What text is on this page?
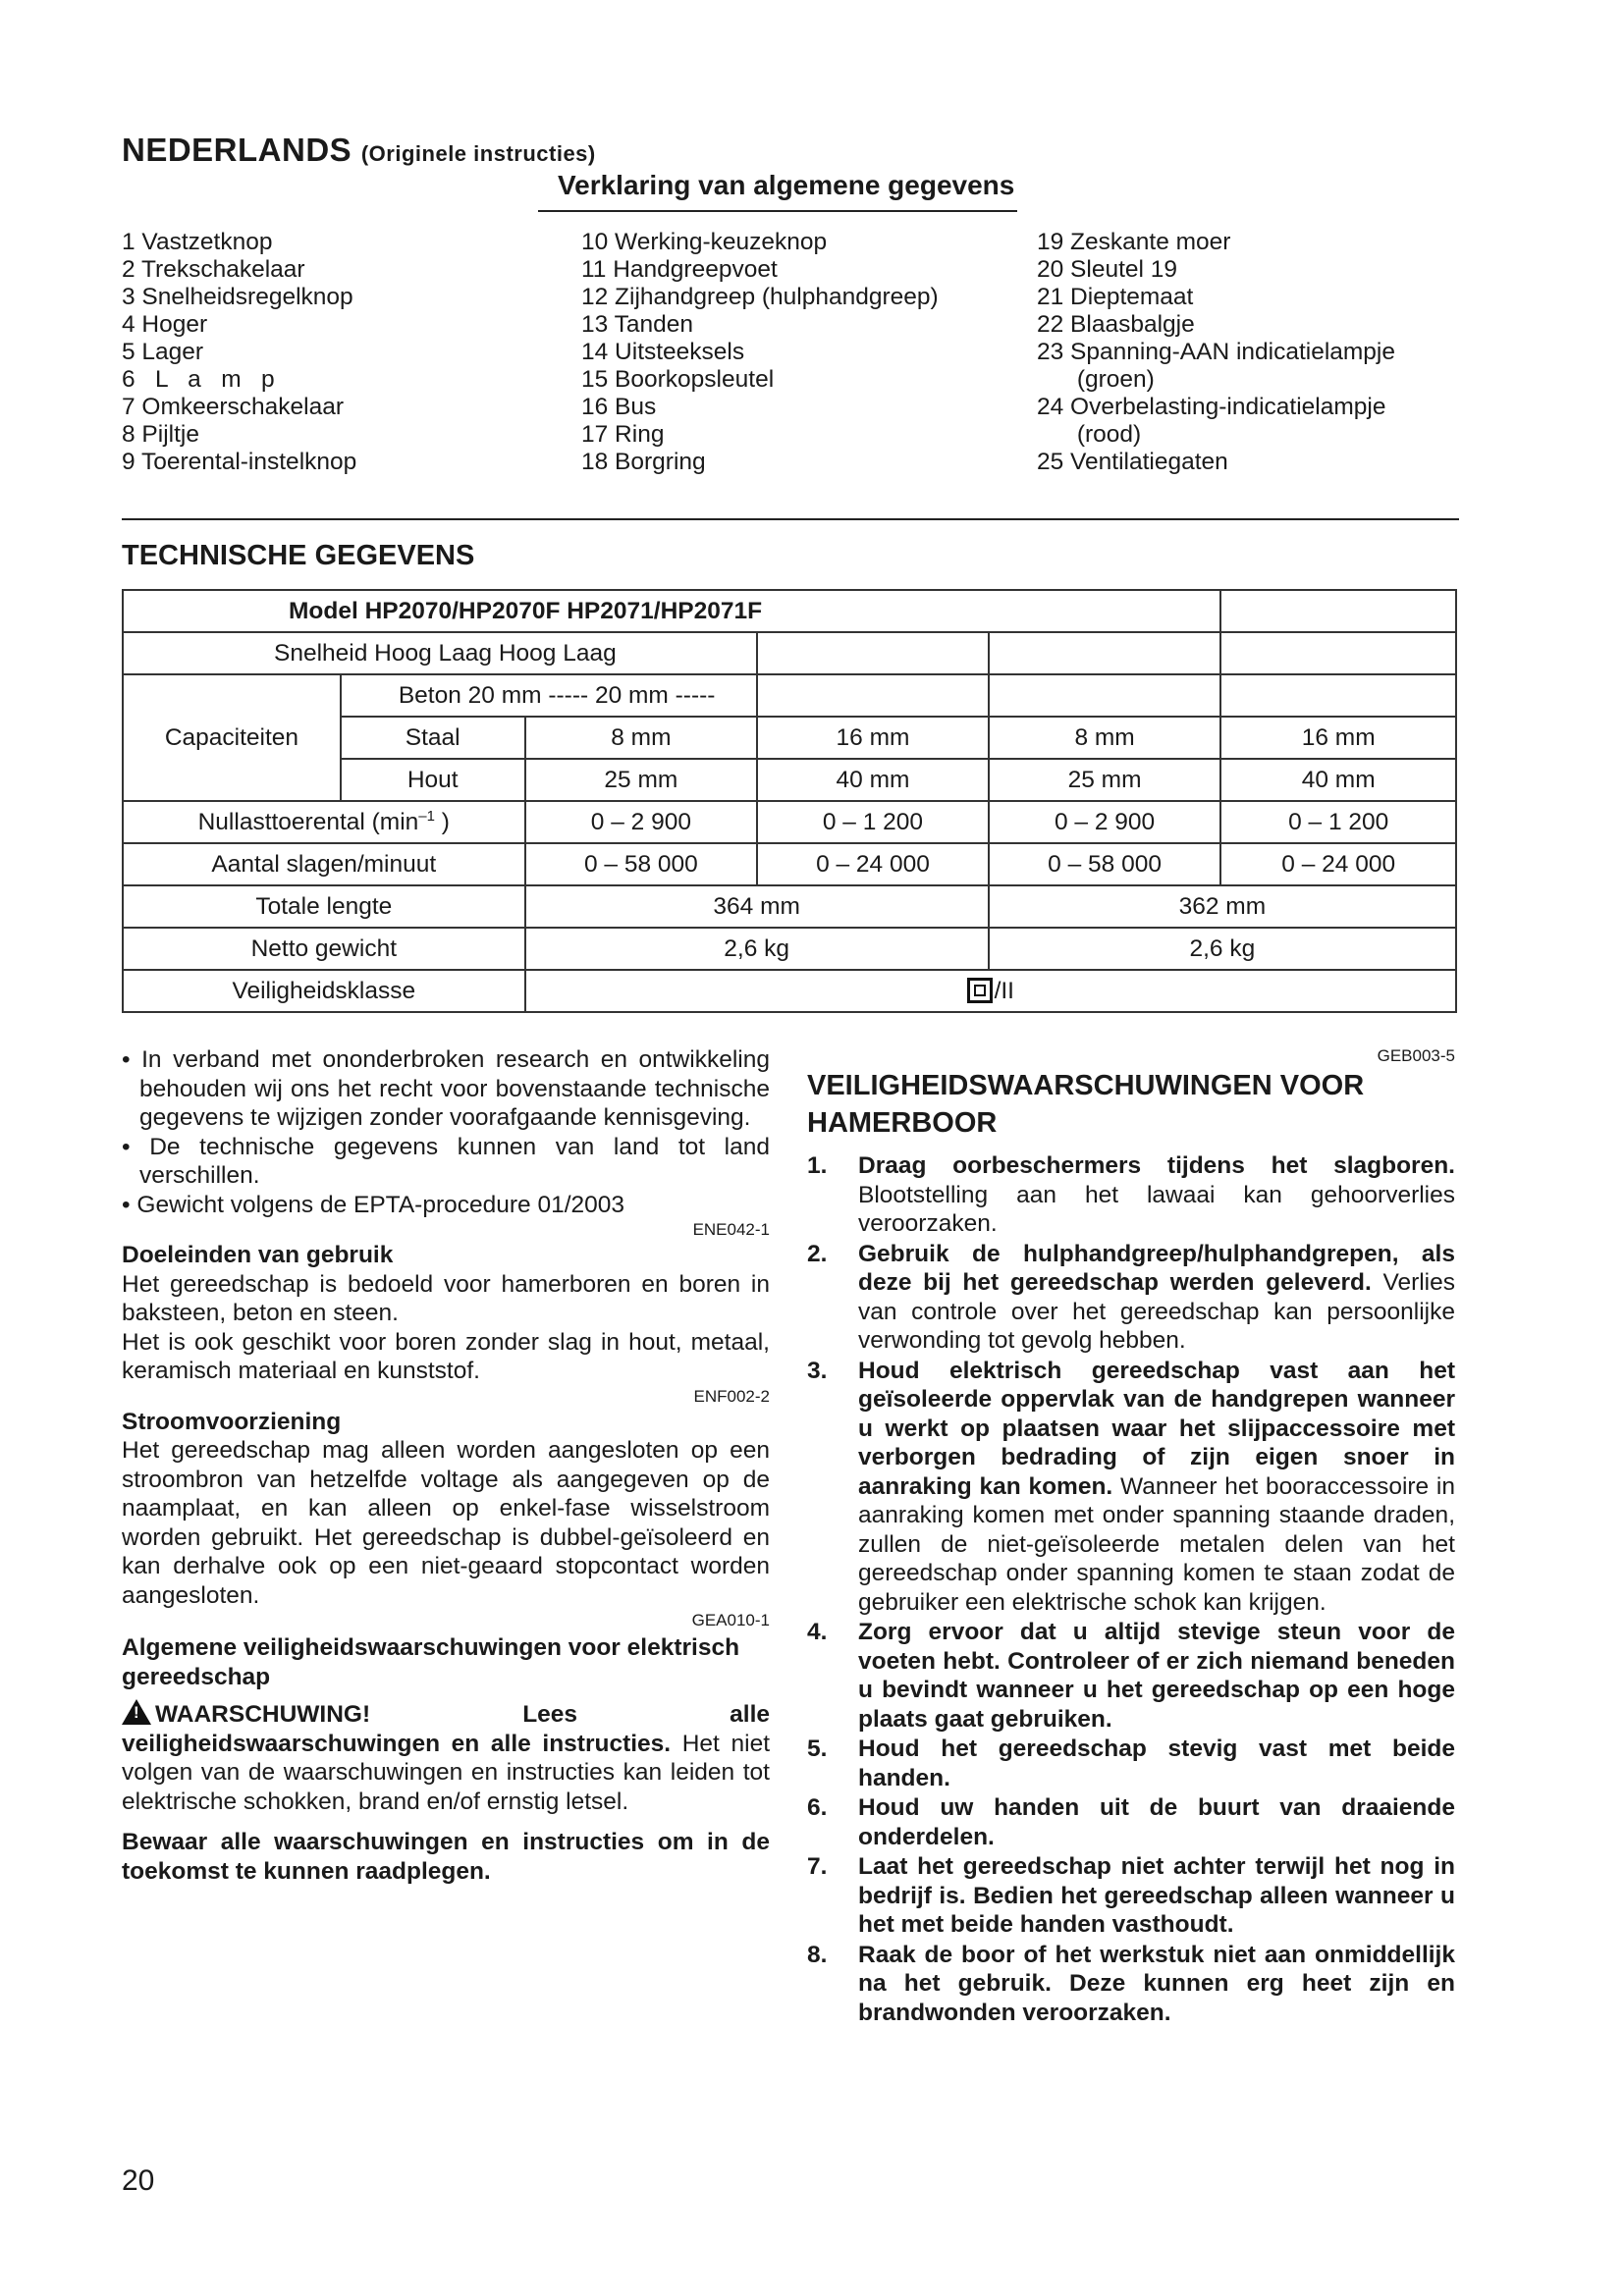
NEDERLANDS (Originele instructies)
Verklaring van algemene gegevens
1 Vastzetknop
2 Trekschakelaar
3 Snelheidsregelknop
4 Hoger
5 Lager
6   L   a   m   p
7 Omkeerschakelaar
8 Pijltje
9 Toerental-instelknop
10 Werking-keuzeknop
11 Handgreepvoet
12 Zijhandgreep (hulphandgreep)
13 Tanden
14 Uitsteeksels
15 Boorkopsleutel
16 Bus
17 Ring
18 Borgring
19 Zeskante moer
20 Sleutel 19
21 Dieptemaat
22 Blaasbalgje
23 Spanning-AAN indicatielampje
(groen)
24 Overbelasting-indicatielampje
(rood)
25 Ventilatiegaten
TECHNISCHE GEGEVENS
Model HP2070/HP2070F HP2071/HP2071F					
Snelheid Hoog Laag Hoog Laag					
Capaciteiten	Beton 20 mm ----- 20 mm -----				
	Staal	8 mm	16 mm	8 mm	16 mm
	Hout	25 mm	40 mm	25 mm	40 mm
Nullasttoerental ($\min^{-1}$ )		0 – 2 900	0 – 1 200	0 – 2 900	0 – 1 200
Aantal slagen/minuut		0 – 58 000	0 – 24 000	0 – 58 000	0 – 24 000
Totale lengte		364 mm		362 mm	
Netto gewicht		2,6 kg		2,6 kg	
Veiligheidsklasse		/II			
• In verband met ononderbroken research en ontwikkeling behouden wij ons het recht voor bovenstaande technische gegevens te wijzigen zonder voorafgaande kennisgeving.
• De technische gegevens kunnen van land tot land verschillen.
• Gewicht volgens de EPTA-procedure 01/2003
ENE042-1
Doeleinden van gebruik
Het gereedschap is bedoeld voor hamerboren en boren in baksteen, beton en steen.
Het is ook geschikt voor boren zonder slag in hout, metaal, keramisch materiaal en kunststof.
ENF002-2
Stroomvoorziening
Het gereedschap mag alleen worden aangesloten op een stroombron van hetzelfde voltage als aangegeven op de naamplaat, en kan alleen op enkel-fase wisselstroom worden gebruikt. Het gereedschap is dubbel-geïsoleerd en kan derhalve ook op een niet-geaard stopcontact worden aangesloten.
GEA010-1
Algemene veiligheidswaarschuwingen voor elektrisch gereedschap
!WAARSCHUWING! Lees alle veiligheidswaarschuwingen en alle instructies. Het niet volgen van de waarschuwingen en instructies kan leiden tot elektrische schokken, brand en/of ernstig letsel.
Bewaar alle waarschuwingen en instructies om in de toekomst te kunnen raadplegen.
GEB003-5
VEILIGHEIDSWAARSCHUWINGEN VOOR HAMERBOOR
1. Draag oorbeschermers tijdens het slagboren. Blootstelling aan het lawaai kan gehoorverlies veroorzaken.
2. Gebruik de hulphandgreep/hulphandgrepen, als deze bij het gereedschap werden geleverd. Verlies van controle over het gereedschap kan persoonlijke verwonding tot gevolg hebben.
3. Houd elektrisch gereedschap vast aan het geïsoleerde oppervlak van de handgrepen wanneer u werkt op plaatsen waar het slijpaccessoire met verborgen bedrading of zijn eigen snoer in aanraking kan komen. Wanneer het booraccessoire in aanraking komen met onder spanning staande draden, zullen de niet-geïsoleerde metalen delen van het gereedschap onder spanning komen te staan zodat de gebruiker een elektrische schok kan krijgen.
4. Zorg ervoor dat u altijd stevige steun voor de voeten hebt. Controleer of er zich niemand beneden u bevindt wanneer u het gereedschap op een hoge plaats gaat gebruiken.
5. Houd het gereedschap stevig vast met beide handen.
6. Houd uw handen uit de buurt van draaiende onderdelen.
7. Laat het gereedschap niet achter terwijl het nog in bedrijf is. Bedien het gereedschap alleen wanneer u het met beide handen vasthoudt.
8. Raak de boor of het werkstuk niet aan onmiddellijk na het gebruik. Deze kunnen erg heet zijn en brandwonden veroorzaken.
20
